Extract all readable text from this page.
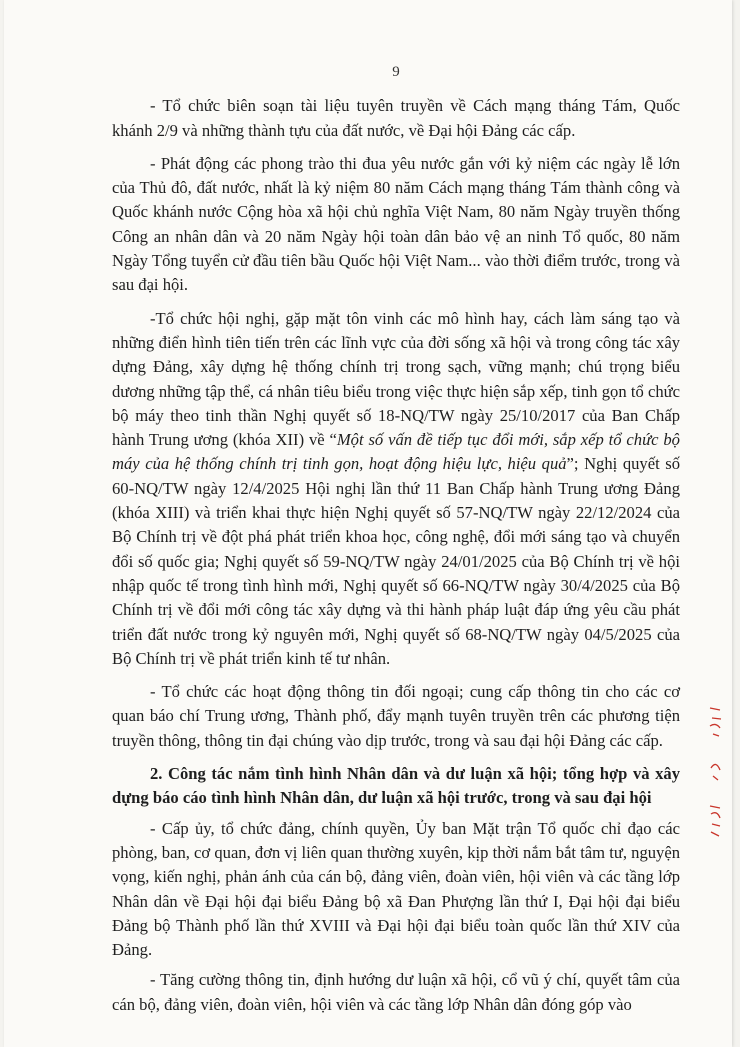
9

- Tổ chức biên soạn tài liệu tuyên truyền về Cách mạng tháng Tám, Quốc khánh 2/9 và những thành tựu của đất nước, về Đại hội Đảng các cấp.

- Phát động các phong trào thi đua yêu nước gắn với kỷ niệm các ngày lễ lớn của Thủ đô, đất nước, nhất là kỷ niệm 80 năm Cách mạng tháng Tám thành công và Quốc khánh nước Cộng hòa xã hội chủ nghĩa Việt Nam, 80 năm Ngày truyền thống Công an nhân dân và 20 năm Ngày hội toàn dân bảo vệ an ninh Tổ quốc, 80 năm Ngày Tổng tuyển cử đầu tiên bầu Quốc hội Việt Nam... vào thời điểm trước, trong và sau đại hội.

-Tổ chức hội nghị, gặp mặt tôn vinh các mô hình hay, cách làm sáng tạo và những điển hình tiên tiến trên các lĩnh vực của đời sống xã hội và trong công tác xây dựng Đảng, xây dựng hệ thống chính trị trong sạch, vững mạnh; chú trọng biểu dương những tập thể, cá nhân tiêu biểu trong việc thực hiện sắp xếp, tinh gọn tổ chức bộ máy theo tinh thần Nghị quyết số 18-NQ/TW ngày 25/10/2017 của Ban Chấp hành Trung ương (khóa XII) về “Một số vấn đề tiếp tục đổi mới, sắp xếp tổ chức bộ máy của hệ thống chính trị tinh gọn, hoạt động hiệu lực, hiệu quả”; Nghị quyết số 60-NQ/TW ngày 12/4/2025 Hội nghị lần thứ 11 Ban Chấp hành Trung ương Đảng (khóa XIII) và triển khai thực hiện Nghị quyết số 57-NQ/TW ngày 22/12/2024 của Bộ Chính trị về đột phá phát triển khoa học, công nghệ, đổi mới sáng tạo và chuyển đổi số quốc gia; Nghị quyết số 59-NQ/TW ngày 24/01/2025 của Bộ Chính trị về hội nhập quốc tế trong tình hình mới, Nghị quyết số 66-NQ/TW ngày 30/4/2025 của Bộ Chính trị về đổi mới công tác xây dựng và thi hành pháp luật đáp ứng yêu cầu phát triển đất nước trong kỷ nguyên mới, Nghị quyết số 68-NQ/TW ngày 04/5/2025 của Bộ Chính trị về phát triển kinh tế tư nhân.

- Tổ chức các hoạt động thông tin đối ngoại; cung cấp thông tin cho các cơ quan báo chí Trung ương, Thành phố, đẩy mạnh tuyên truyền trên các phương tiện truyền thông, thông tin đại chúng vào dịp trước, trong và sau đại hội Đảng các cấp.

2. Công tác nắm tình hình Nhân dân và dư luận xã hội; tổng hợp và xây dựng báo cáo tình hình Nhân dân, dư luận xã hội trước, trong và sau đại hội

- Cấp ủy, tổ chức đảng, chính quyền, Ủy ban Mặt trận Tổ quốc chỉ đạo các phòng, ban, cơ quan, đơn vị liên quan thường xuyên, kịp thời nắm bắt tâm tư, nguyện vọng, kiến nghị, phản ánh của cán bộ, đảng viên, đoàn viên, hội viên và các tầng lớp Nhân dân về Đại hội đại biểu Đảng bộ xã Đan Phượng lần thứ I, Đại hội đại biểu Đảng bộ Thành phố lần thứ XVIII và Đại hội đại biểu toàn quốc lần thứ XIV của Đảng.

- Tăng cường thông tin, định hướng dư luận xã hội, cổ vũ ý chí, quyết tâm của cán bộ, đảng viên, đoàn viên, hội viên và các tầng lớp Nhân dân đóng góp vào
